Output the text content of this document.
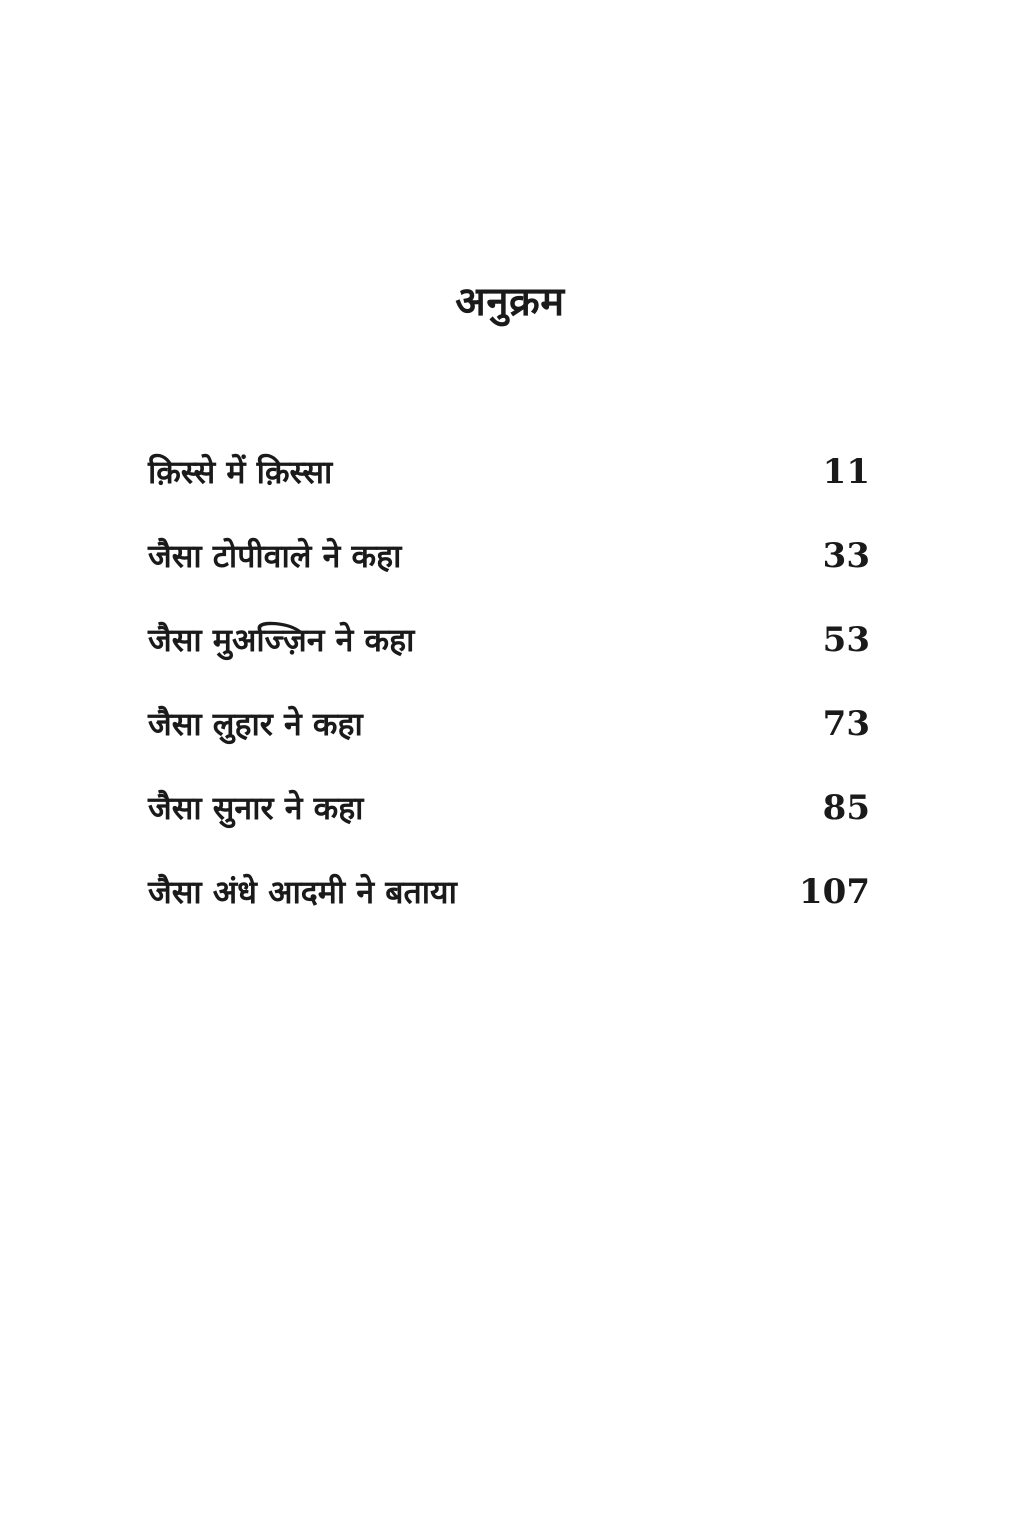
अनुक्रम
क़िस्से में क़िस्सा	11
जैसा टोपीवाले ने कहा	33
जैसा मुअज्ज़िन ने कहा	53
जैसा लुहार ने कहा	73
जैसा सुनार ने कहा	85
जैसा अंधे आदमी ने बताया	107
